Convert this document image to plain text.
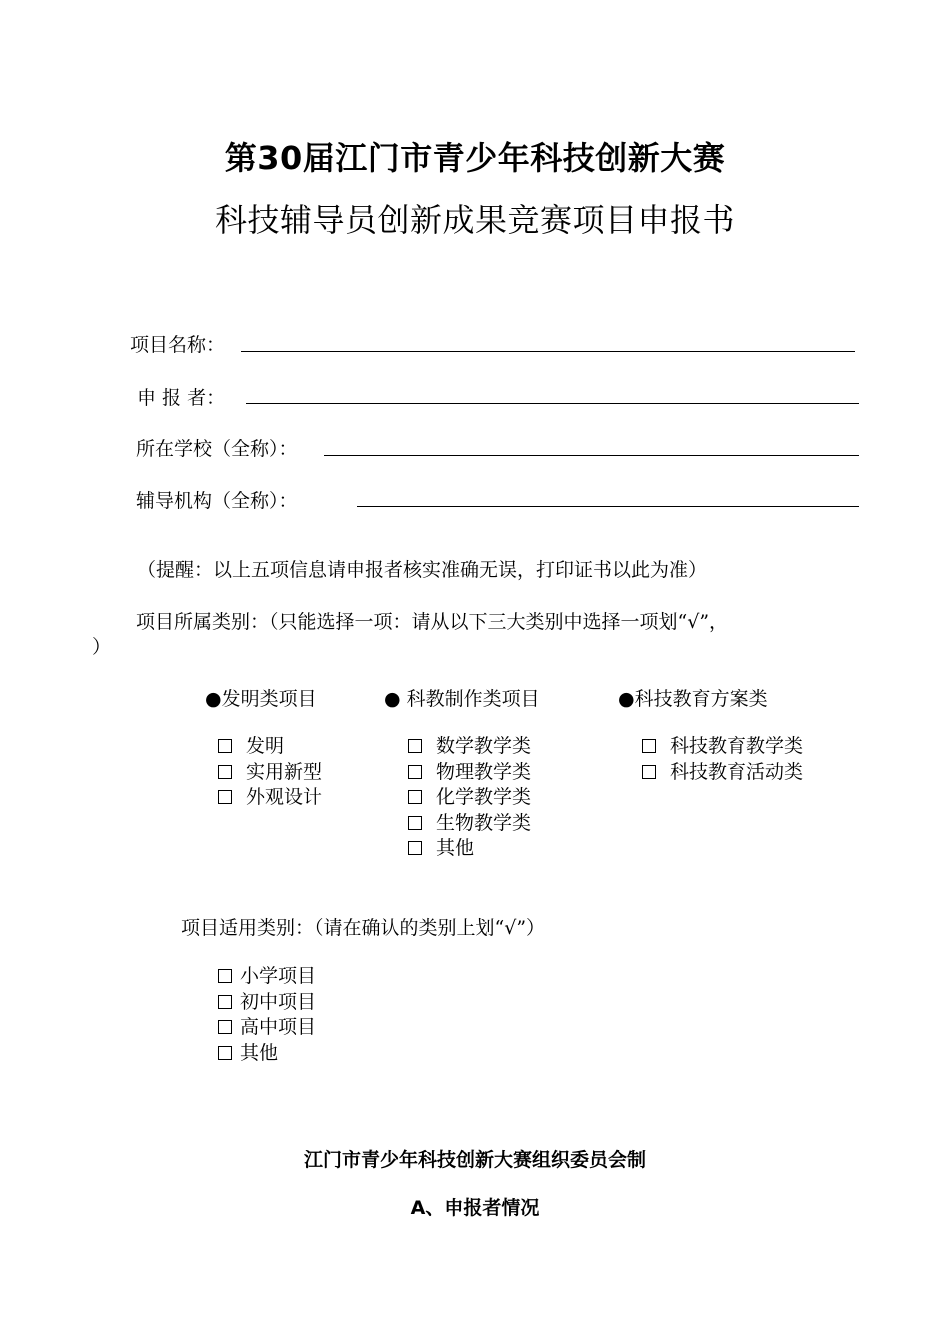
第30届江门市青少年科技创新大赛
科技辅导员创新成果竞赛项目申报书
项目名称：
申 报 者：
所在学校（全称）：
辅导机构（全称）：
（提醒：以上五项信息请申报者核实准确无误，打印证书以此为准）
项目所属类别：（只能选择一项：请从以下三大类别中选择一项划“√”，
）
●发明类项目	● 科教制作类项目	●科技教育方案类
发明
实用新型
外观设计
数学教学类
物理教学类
化学教学类
生物教学类
其他
科技教育教学类
科技教育活动类
项目适用类别：（请在确认的类别上划“√”）
小学项目
初中项目
高中项目
其他
江门市青少年科技创新大赛组织委员会制
A、申报者情况
